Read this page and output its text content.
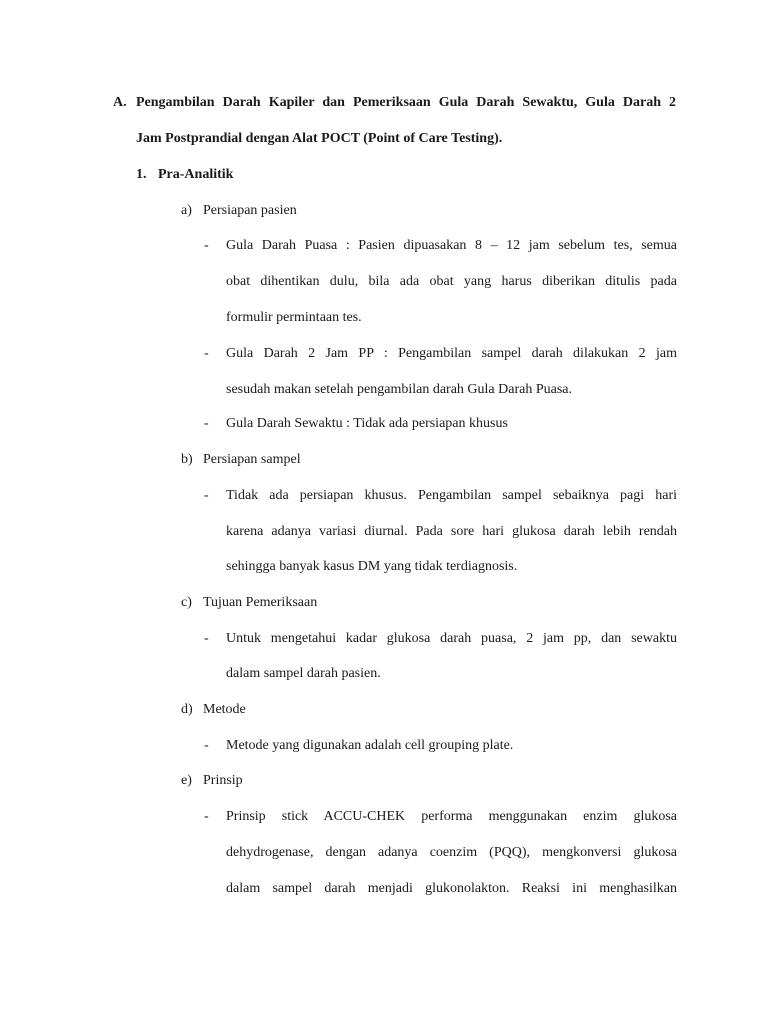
A. Pengambilan Darah Kapiler dan Pemeriksaan Gula Darah Sewaktu, Gula Darah 2
Jam Postprandial dengan Alat POCT (Point of Care Testing).
1. Pra-Analitik
a) Persiapan pasien
- Gula Darah Puasa : Pasien dipuasakan 8 – 12 jam sebelum tes, semua
obat dihentikan dulu, bila ada obat yang harus diberikan ditulis pada
formulir permintaan tes.
- Gula Darah 2 Jam PP : Pengambilan sampel darah dilakukan 2 jam
sesudah makan setelah pengambilan darah Gula Darah Puasa.
- Gula Darah Sewaktu : Tidak ada persiapan khusus
b) Persiapan sampel
- Tidak ada persiapan khusus. Pengambilan sampel sebaiknya pagi hari
karena adanya variasi diurnal. Pada sore hari glukosa darah lebih rendah
sehingga banyak kasus DM yang tidak terdiagnosis.
c) Tujuan Pemeriksaan
- Untuk mengetahui kadar glukosa darah puasa, 2 jam pp, dan sewaktu
dalam sampel darah pasien.
d) Metode
- Metode yang digunakan adalah cell grouping plate.
e) Prinsip
- Prinsip stick ACCU-CHEK performa menggunakan enzim glukosa
dehydrogenase, dengan adanya coenzim (PQQ), mengkonversi glukosa
dalam sampel darah menjadi glukonolakton. Reaksi ini menghasilkan
